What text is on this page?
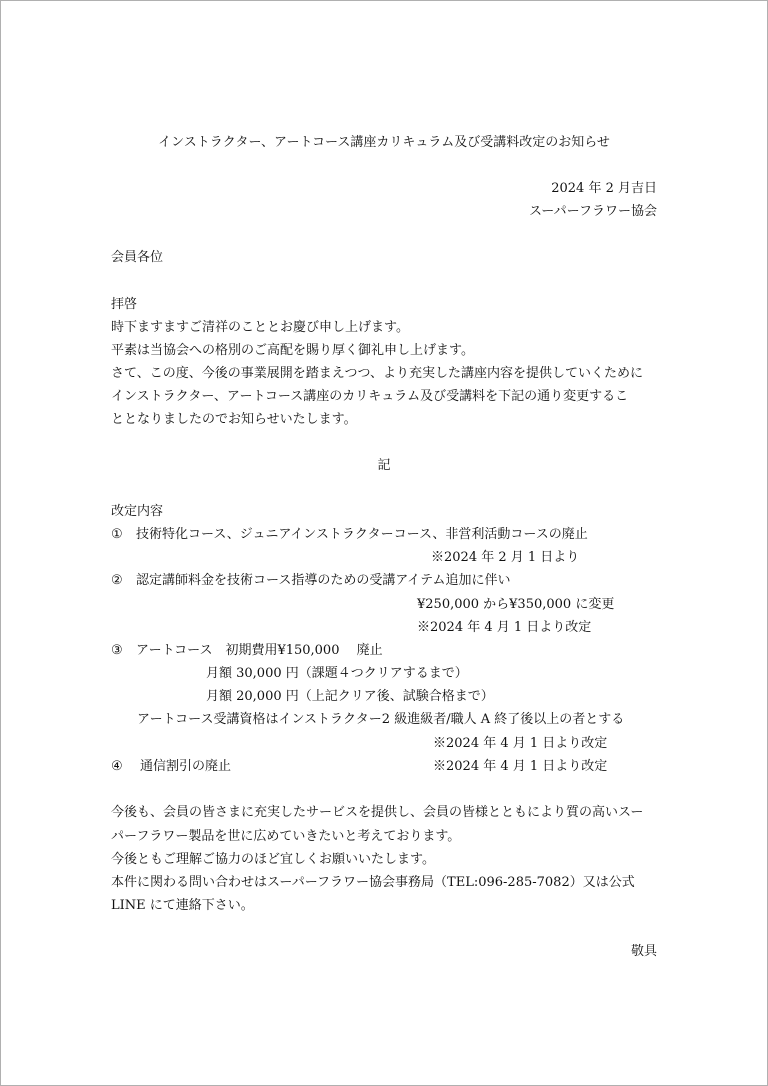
インストラクター、アートコース講座カリキュラム及び受講料改定のお知らせ
2024 年 2 月吉日
スーパーフラワー協会
会員各位
拝啓
時下ますますご清祥のこととお慶び申し上げます。
平素は当協会への格別のご高配を賜り厚く御礼申し上げます。
さて、この度、今後の事業展開を踏まえつつ、より充実した講座内容を提供していくために
インストラクター、アートコース講座のカリキュラム及び受講料を下記の通り変更するこ
ととなりましたのでお知らせいたします。
記
改定内容
① 技術特化コース、ジュニアインストラクターコース、非営利活動コースの廃止
※2024 年 2 月 1 日より
② 認定講師料金を技術コース指導のための受講アイテム追加に伴い
¥250,000 から¥350,000 に変更
※2024 年 4 月 1 日より改定
③ アートコース　初期費用¥150,000　 廃止
月額 30,000 円（課題４つクリアするまで）
月額 20,000 円（上記クリア後、試験合格まで）
アートコース受講資格はインストラクター2 級進級者/職人 A 終了後以上の者とする
※2024 年 4 月 1 日より改定
④ 通信割引の廃止	※2024 年 4 月 1 日より改定
今後も、会員の皆さまに充実したサービスを提供し、会員の皆様とともにより質の高いスー
パーフラワー製品を世に広めていきたいと考えております。
今後ともご理解ご協力のほど宜しくお願いいたします。
本件に関わる問い合わせはスーパーフラワー協会事務局（TEL:096-285-7082）又は公式
LINE にて連絡下さい。
敬具
